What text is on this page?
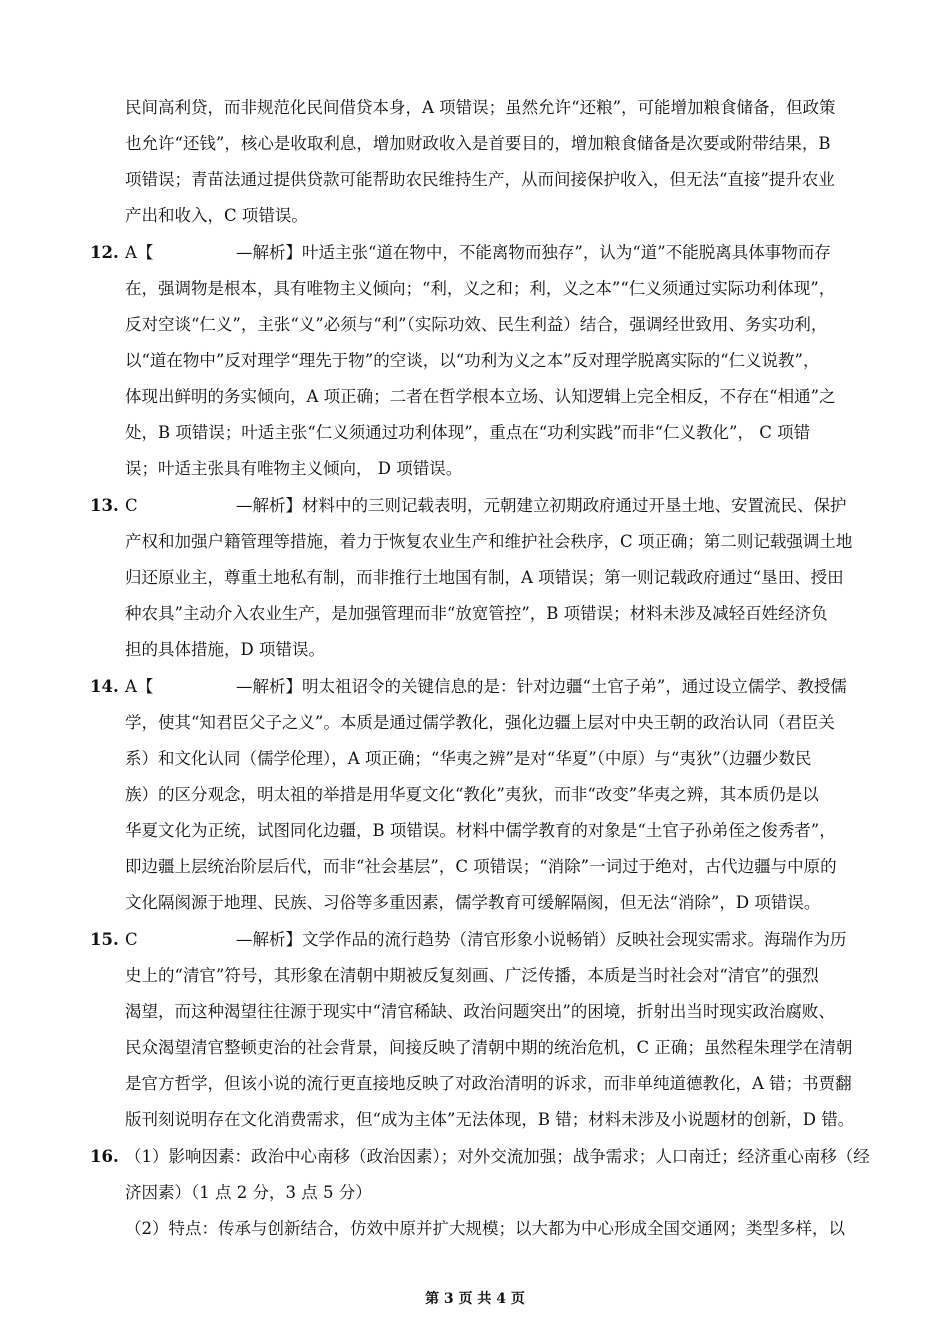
民间高利贷，而非规范化民间借贷本身，A 项错误；虽然允许“还粮”，可能增加粮食储备，但政策
也允许“还钱”，核心是收取利息，增加财政收入是首要目的，增加粮食储备是次要或附带结果，B
项错误；青苗法通过提供贷款可能帮助农民维持生产，从而间接保护收入，但无法“直接”提升农业
产出和收入，C 项错误。
12. A【	—解析】叶适主张“道在物中，不能离物而独存”，认为“道”不能脱离具体事物而存
在，强调物是根本，具有唯物主义倾向；“利，义之和；利，义之本”“仁义须通过实际功利体现”，
反对空谈“仁义”，主张“义”必须与“利”（实际功效、民生利益）结合，强调经世致用、务实功利，
以“道在物中”反对理学“理先于物”的空谈，以“功利为义之本”反对理学脱离实际的“仁义说教”，
体现出鲜明的务实倾向，A 项正确；二者在哲学根本立场、认知逻辑上完全相反，不存在“相通”之
处，B 项错误；叶适主张“仁义须通过功利体现”，重点在“功利实践”而非“仁义教化”， C 项错
误；叶适主张具有唯物主义倾向， D 项错误。
13. C	—解析】材料中的三则记载表明，元朝建立初期政府通过开垦土地、安置流民、保护
产权和加强户籍管理等措施，着力于恢复农业生产和维护社会秩序，C 项正确；第二则记载强调土地
归还原业主，尊重土地私有制，而非推行土地国有制，A 项错误；第一则记载政府通过“垦田、授田
种农具”主动介入农业生产，是加强管理而非“放宽管控”，B 项错误；材料未涉及减轻百姓经济负
担的具体措施，D 项错误。
14. A【	—解析】明太祖诏令的关键信息的是：针对边疆“土官子弟”，通过设立儒学、教授儒
学，使其“知君臣父子之义”。本质是通过儒学教化，强化边疆上层对中央王朝的政治认同（君臣关
系）和文化认同（儒学伦理），A 项正确；“华夷之辨”是对“华夏”（中原）与“夷狄”（边疆少数民
族）的区分观念，明太祖的举措是用华夏文化“教化”夷狄，而非“改变”华夷之辨，其本质仍是以
华夏文化为正统，试图同化边疆，B 项错误。材料中儒学教育的对象是“土官子孙弟侄之俊秀者”，
即边疆上层统治阶层后代，而非“社会基层”，C 项错误；“消除”一词过于绝对，古代边疆与中原的
文化隔阂源于地理、民族、习俗等多重因素，儒学教育可缓解隔阂，但无法“消除”，D 项错误。
15. C	—解析】文学作品的流行趋势（清官形象小说畅销）反映社会现实需求。海瑞作为历
史上的“清官”符号，其形象在清朝中期被反复刻画、广泛传播，本质是当时社会对“清官”的强烈
渴望，而这种渴望往往源于现实中“清官稀缺、政治问题突出”的困境，折射出当时现实政治腐败、
民众渴望清官整顿吏治的社会背景，间接反映了清朝中期的统治危机，C 正确；虽然程朱理学在清朝
是官方哲学，但该小说的流行更直接地反映了对政治清明的诉求，而非单纯道德教化，A 错；书贾翻
版刊刻说明存在文化消费需求，但“成为主体”无法体现，B 错；材料未涉及小说题材的创新，D 错。
16. （1）影响因素：政治中心南移（政治因素）；对外交流加强；战争需求；人口南迁；经济重心南移（经
济因素）（1 点 2 分，3 点 5 分）
（2）特点：传承与创新结合，仿效中原并扩大规模；以大都为中心形成全国交通网；类型多样，以
第 3 页 共 4 页
